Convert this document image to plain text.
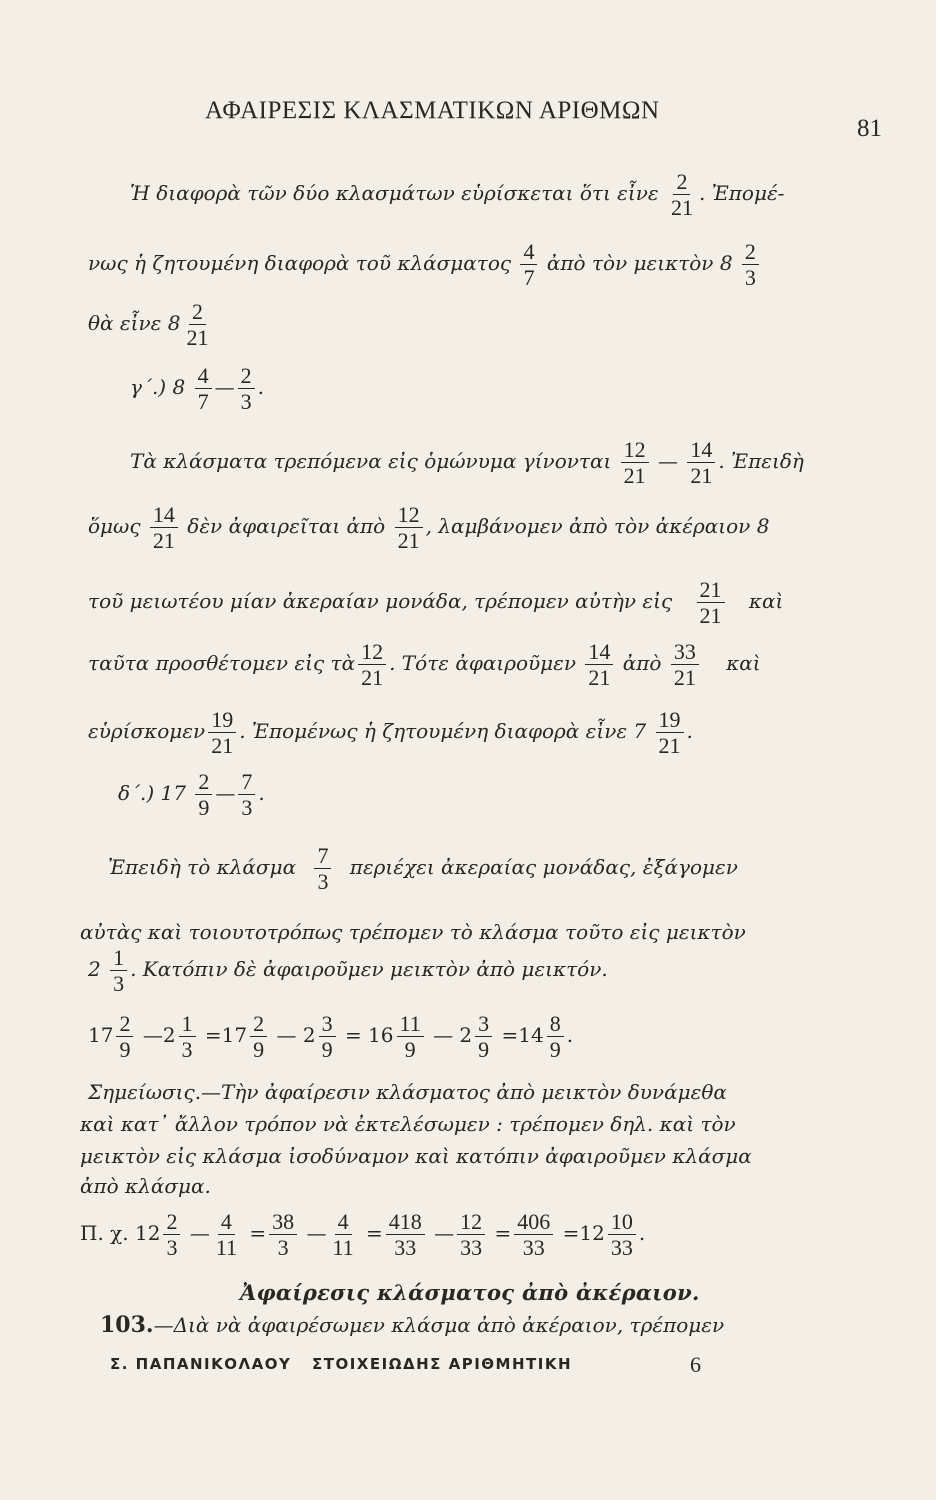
ΑΦΑΙΡΕΣΙΣ ΚΛΑΣΜΑΤΙΚΩΝ ΑΡΙΘΜΩΝ
81
Ἡ διαφορὰ τῶν δύο κλασμάτων εὑρίσκεται ὅτι εἶνε $\frac{2}{21}$ . Ἐπομέ-
νως ἡ ζητουμένη διαφορὰ τοῦ κλάσματος $\frac{4}{7}$ ἀπὸ τὸν μεικτὸν $8 \frac{2}{3}$
θὰ εἶνε $8 \frac{2}{21}$
γ΄.) $8 \frac{4}{7}$ — $\frac{2}{3}$ .
Τὰ κλάσματα τρεπόμενα εἰς ὁμώνυμα γίνονται $\frac{12}{21}$ — $\frac{14}{21}$ . Ἐπειδὴ
ὅμως $\frac{14}{21}$ δὲν ἀφαιρεῖται ἀπὸ $\frac{12}{21}$ , λαμβάνομεν ἀπὸ τὸν ἀκέραιον 8
τοῦ μειωτέου μίαν ἀκεραίαν μονάδα, τρέπομεν αὐτὴν εἰς $\frac{21}{21}$ καὶ
ταῦτα προσθέτομεν εἰς τὰ $\frac{12}{21}$ . Τότε ἀφαιροῦμεν $\frac{14}{21}$ ἀπὸ $\frac{33}{21}$ καὶ
εὑρίσκομεν $\frac{19}{21}$ . Ἐπομένως ἡ ζητουμένη διαφορὰ εἶνε $7 \frac{19}{21}$ .
δ΄.) $17 \frac{2}{9}$ — $\frac{7}{3}$ .
Ἐπειδὴ τὸ κλάσμα $\frac{7}{3}$ περιέχει ἀκεραίας μονάδας, ἐξάγομεν
αὐτὰς καὶ τοιουτοτρόπως τρέπομεν τὸ κλάσμα τοῦτο εἰς μεικτὸν
$2 \frac{1}{3}$ . Κατόπιν δὲ ἀφαιροῦμεν μεικτὸν ἀπὸ μεικτόν.
$17 \frac{2}{9}$ —2 $\frac{1}{3} =17 \frac{2}{9}$ — $2 \frac{3}{9} = 16 \frac{11}{9}$ — $2 \frac{3}{9} =14 \frac{8}{9}$ .
Σημείωσις.—Τὴν ἀφαίρεσιν κλάσματος ἀπὸ μεικτὸν δυνάμεθα
καὶ κατ᾽ ἄλλον τρόπον νὰ ἐκτελέσωμεν : τρέπομεν δηλ. καὶ τὸν
μεικτὸν εἰς κλάσμα ἰσοδύναμον καὶ κατόπιν ἀφαιροῦμεν κλάσμα
ἀπὸ κλάσμα.
Π. χ. $12 \frac{2}{3}$ — $\frac{4}{11} = \frac{38}{3}$ — $\frac{4}{11} = \frac{418}{33}$ — $\frac{12}{33} = \frac{406}{33} =12 \frac{10}{33}$ .
Ἀφαίρεσις κλάσματος ἀπὸ ἀκέραιον.
103.—Διὰ νὰ ἀφαιρέσωμεν κλάσμα ἀπὸ ἀκέραιον, τρέπομεν
Σ. ΠΑΠΑΝΙΚΟΛΑΟΥ ΣΤΟΙΧΕΙΩΔΗΣ ΑΡΙΘΜΗΤΙΚΗ	6
